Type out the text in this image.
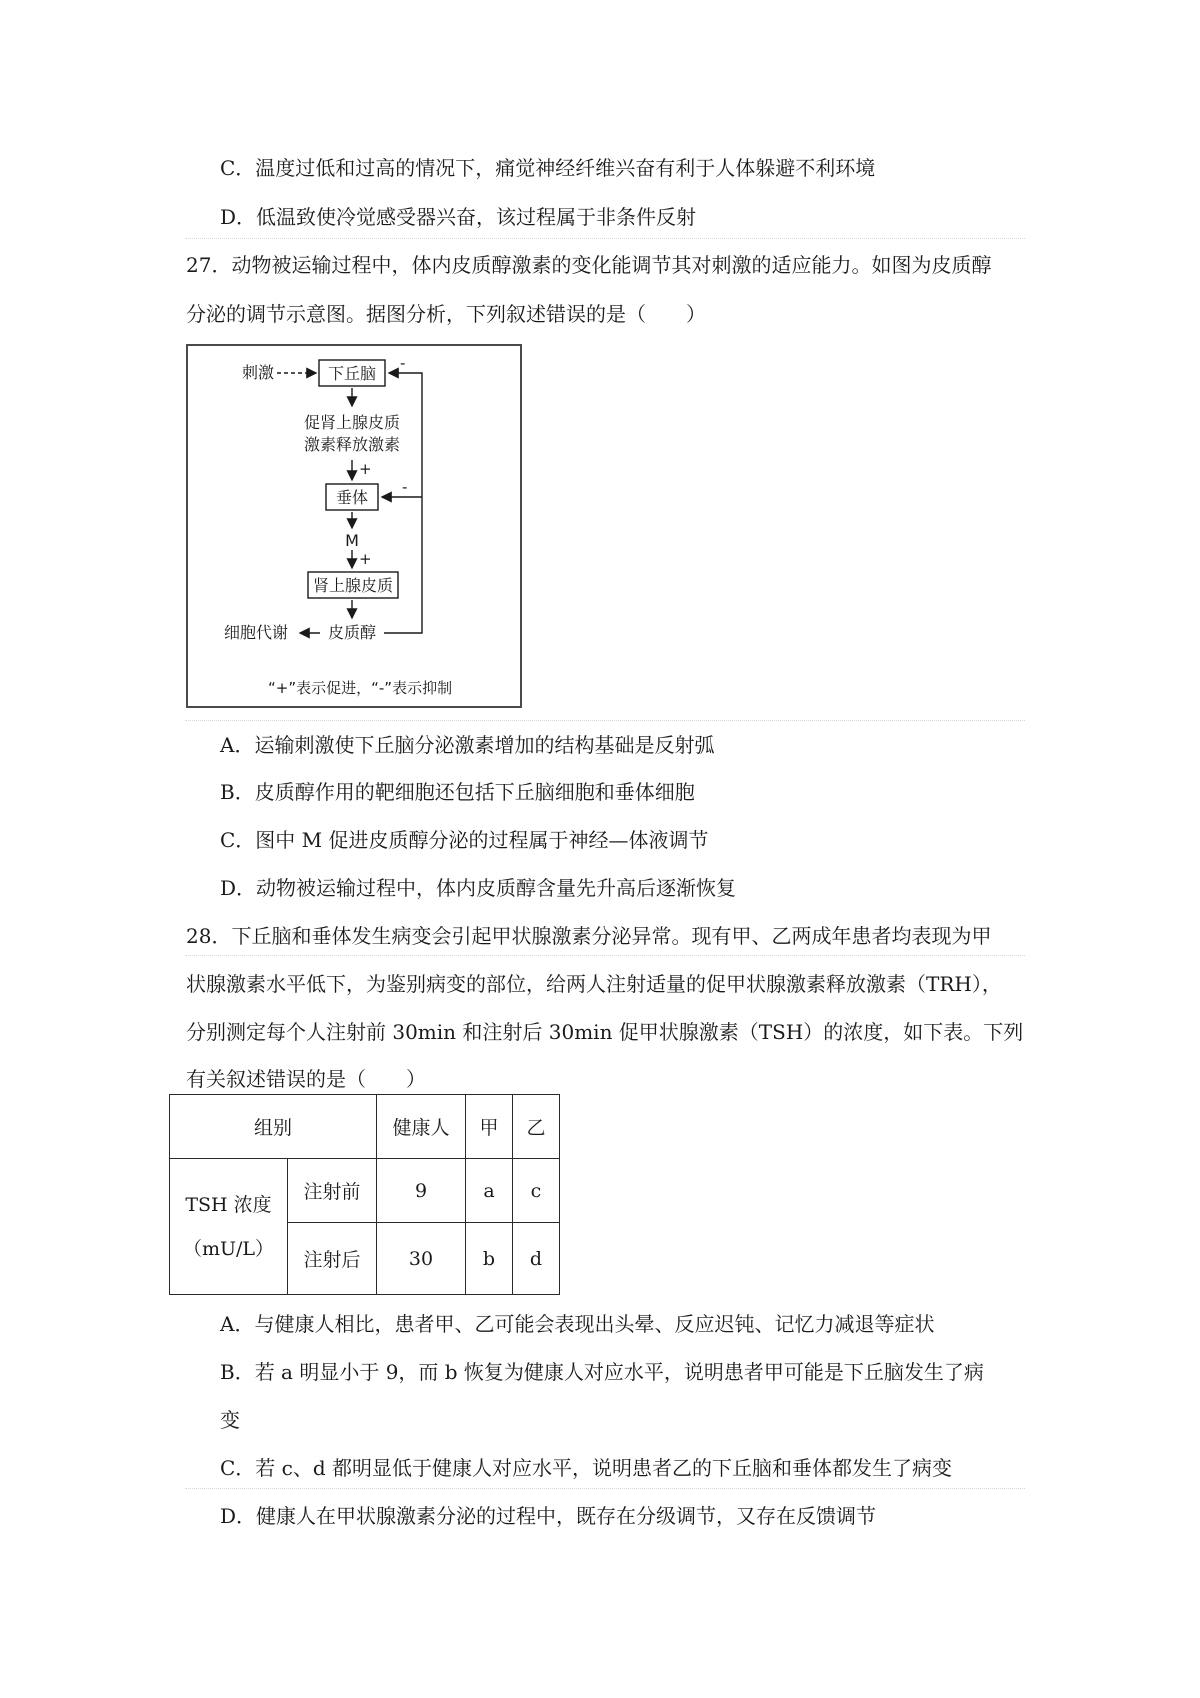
C．温度过低和过高的情况下，痛觉神经纤维兴奋有利于人体躲避不利环境
D．低温致使冷觉感受器兴奋，该过程属于非条件反射
27．动物被运输过程中，体内皮质醇激素的变化能调节其对刺激的适应能力。如图为皮质醇
分泌的调节示意图。据图分析，下列叙述错误的是（　　）
刺激	下丘脑
促肾上腺皮质
激素释放激素
+
垂体
M
+
肾上腺皮质
皮质醇
细胞代谢
-
-
“+”表示促进，“-”表示抑制
A．运输刺激使下丘脑分泌激素增加的结构基础是反射弧
B．皮质醇作用的靶细胞还包括下丘脑细胞和垂体细胞
C．图中 M 促进皮质醇分泌的过程属于神经—体液调节
D．动物被运输过程中，体内皮质醇含量先升高后逐渐恢复
28．下丘脑和垂体发生病变会引起甲状腺激素分泌异常。现有甲、乙两成年患者均表现为甲
状腺激素水平低下，为鉴别病变的部位，给两人注射适量的促甲状腺激素释放激素（TRH），
分别测定每个人注射前 30min 和注射后 30min 促甲状腺激素（TSH）的浓度，如下表。下列
有关叙述错误的是（　　）
组别		健康人	甲	乙

TSH 浓度
（mU/L）	注射前	9	a	c
	注射后	30	b	d
A．与健康人相比，患者甲、乙可能会表现出头晕、反应迟钝、记忆力减退等症状
B．若 a 明显小于 9，而 b 恢复为健康人对应水平，说明患者甲可能是下丘脑发生了病
变
C．若 c、d 都明显低于健康人对应水平，说明患者乙的下丘脑和垂体都发生了病变
D．健康人在甲状腺激素分泌的过程中，既存在分级调节，又存在反馈调节
